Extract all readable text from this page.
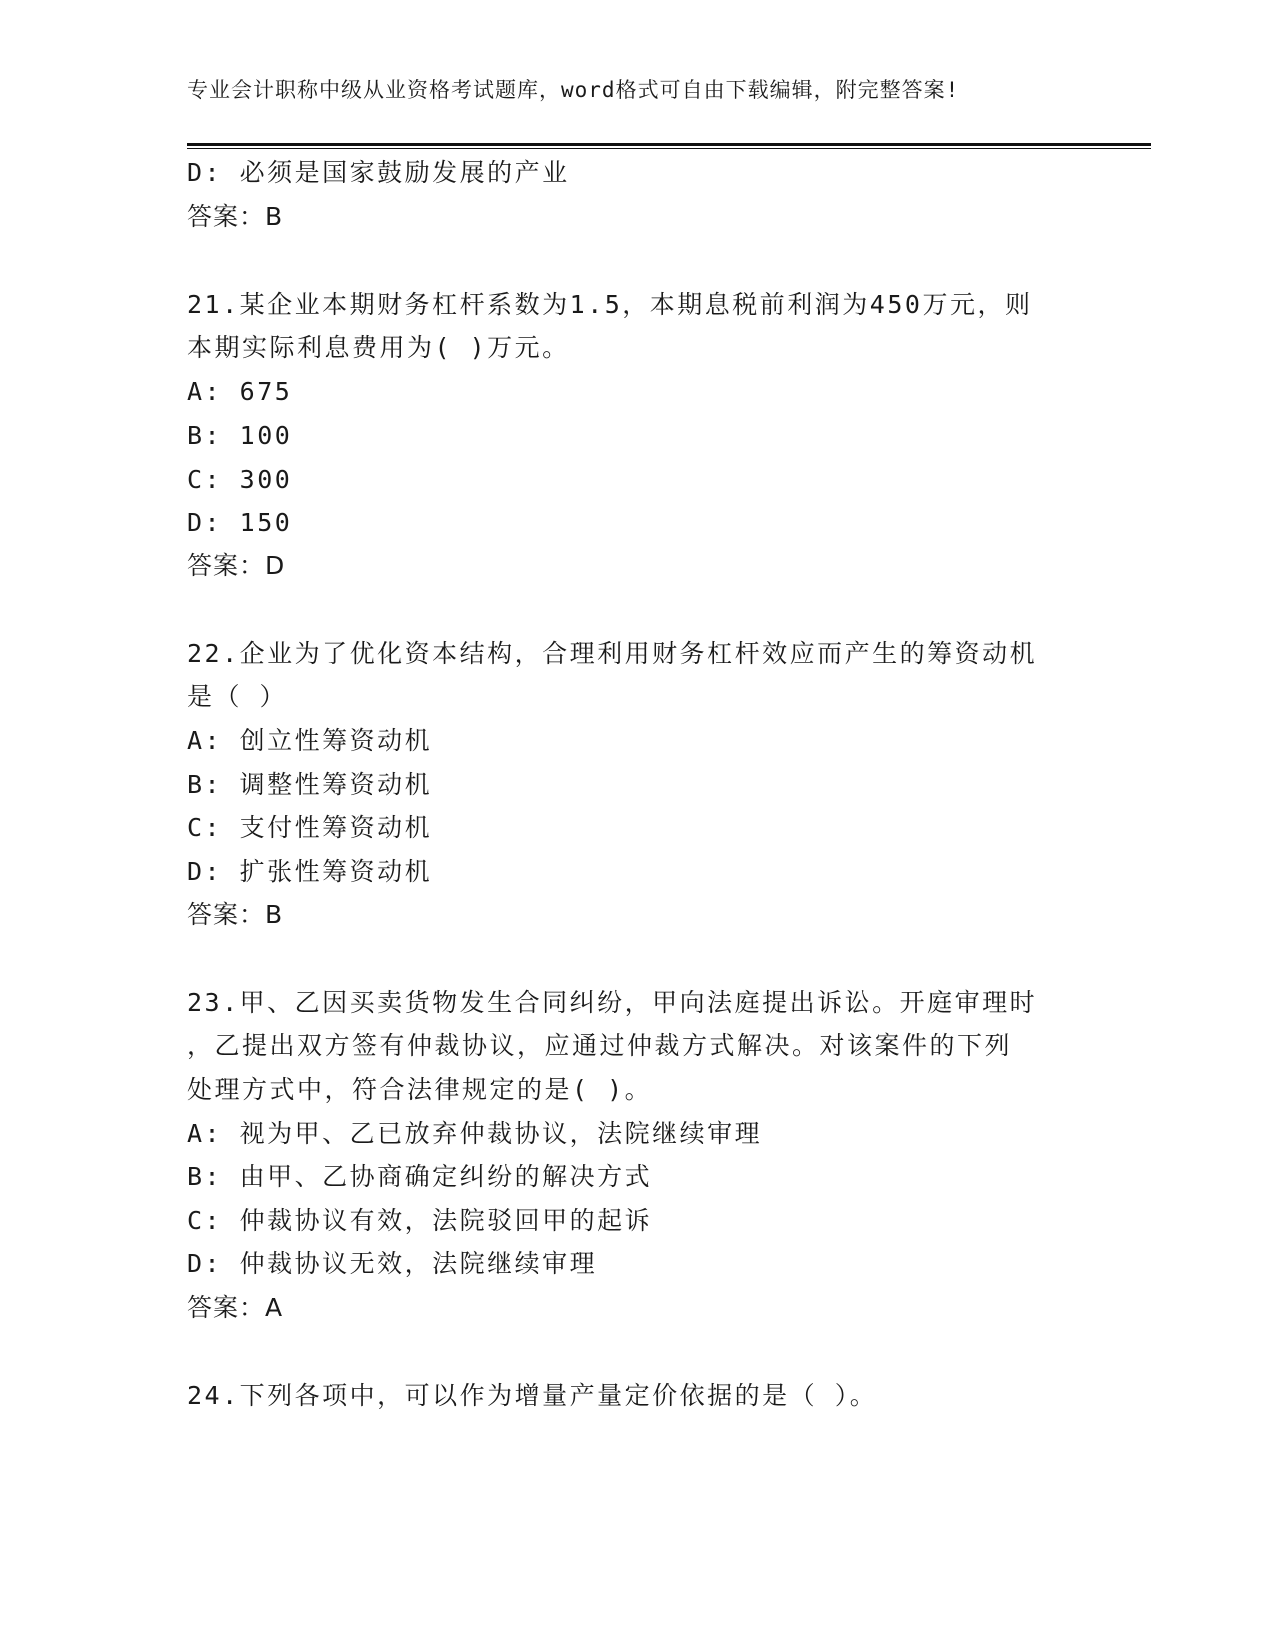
专业会计职称中级从业资格考试题库，word格式可自由下载编辑，附完整答案!
D: 必须是国家鼓励发展的产业
答案：B
21.某企业本期财务杠杆系数为1.5，本期息税前利润为450万元，则
本期实际利息费用为( )万元。
A: 675
B: 100
C: 300
D: 150
答案：D
22.企业为了优化资本结构，合理利用财务杠杆效应而产生的筹资动机
是（ ）
A: 创立性筹资动机
B: 调整性筹资动机
C: 支付性筹资动机
D: 扩张性筹资动机
答案：B
23.甲、乙因买卖货物发生合同纠纷，甲向法庭提出诉讼。开庭审理时
，乙提出双方签有仲裁协议，应通过仲裁方式解决。对该案件的下列
处理方式中，符合法律规定的是( )。
A: 视为甲、乙已放弃仲裁协议，法院继续审理
B: 由甲、乙协商确定纠纷的解决方式
C: 仲裁协议有效，法院驳回甲的起诉
D: 仲裁协议无效，法院继续审理
答案：A
24.下列各项中，可以作为增量产量定价依据的是（ ）。
